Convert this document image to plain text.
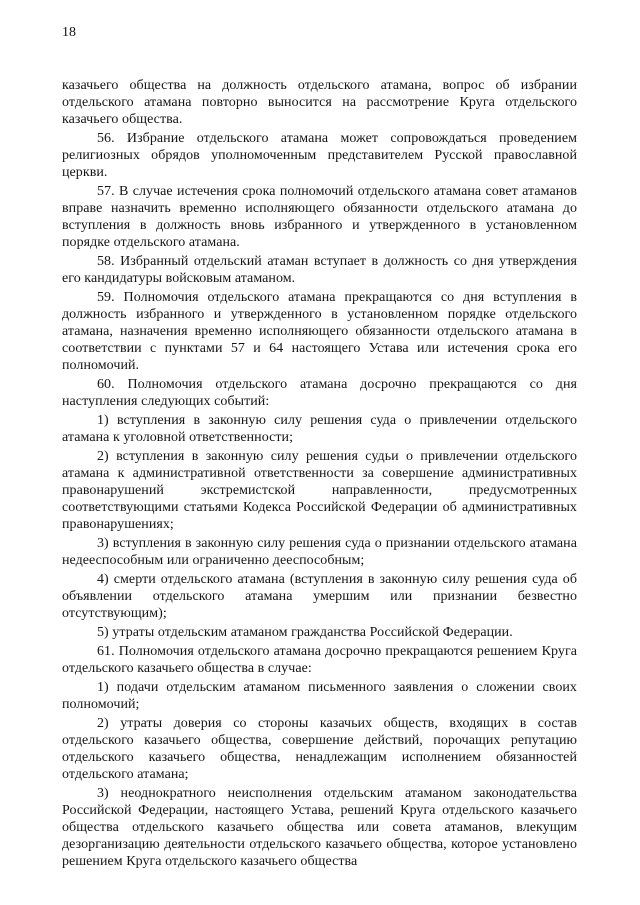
18

казачьего общества на должность отдельского атамана, вопрос об избрании отдельского атамана повторно выносится на рассмотрение Круга отдельского казачьего общества.

56. Избрание отдельского атамана может сопровождаться проведением религиозных обрядов уполномоченным представителем Русской православной церкви.

57. В случае истечения срока полномочий отдельского атамана совет атаманов вправе назначить временно исполняющего обязанности отдельского атамана до вступления в должность вновь избранного и утвержденного в установленном порядке отдельского атамана.

58. Избранный отдельский атаман вступает в должность со дня утверждения его кандидатуры войсковым атаманом.

59. Полномочия отдельского атамана прекращаются со дня вступления в должность избранного и утвержденного в установленном порядке отдельского атамана, назначения временно исполняющего обязанности отдельского атамана в соответствии с пунктами 57 и 64 настоящего Устава или истечения срока его полномочий.

60. Полномочия отдельского атамана досрочно прекращаются со дня наступления следующих событий:

1) вступления в законную силу решения суда о привлечении отдельского атамана к уголовной ответственности;

2) вступления в законную силу решения судьи о привлечении отдельского атамана к административной ответственности за совершение административных правонарушений экстремистской направленности, предусмотренных соответствующими статьями Кодекса Российской Федерации об административных правонарушениях;

3) вступления в законную силу решения суда о признании отдельского атамана недееспособным или ограниченно дееспособным;

4) смерти отдельского атамана (вступления в законную силу решения суда об объявлении отдельского атамана умершим или признании безвестно отсутствующим);

5) утраты отдельским атаманом гражданства Российской Федерации.

61. Полномочия отдельского атамана досрочно прекращаются решением Круга отдельского казачьего общества в случае:

1) подачи отдельским атаманом письменного заявления о сложении своих полномочий;

2) утраты доверия со стороны казачьих обществ, входящих в состав отдельского казачьего общества, совершение действий, порочащих репутацию отдельского казачьего общества, ненадлежащим исполнением обязанностей отдельского атамана;

3) неоднократного неисполнения отдельским атаманом законодательства Российской Федерации, настоящего Устава, решений Круга отдельского казачьего общества отдельского казачьего общества или совета атаманов, влекущим дезорганизацию деятельности отдельского казачьего общества, которое установлено решением Круга отдельского казачьего общества
